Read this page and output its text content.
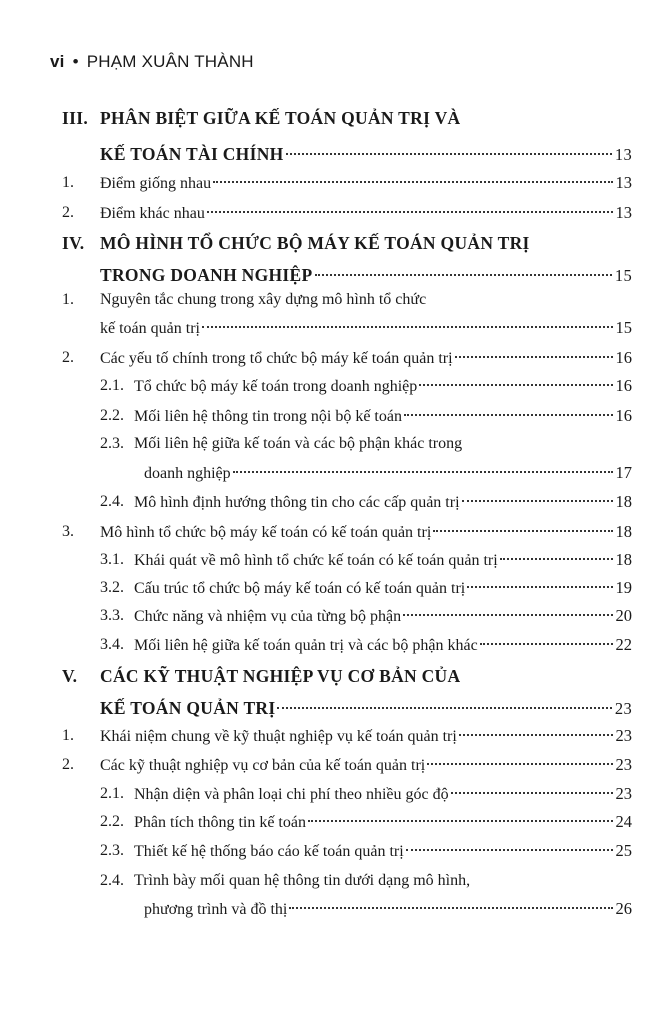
vi • PHẠM XUÂN THÀNH
III. PHÂN BIỆT GIỮA KẾ TOÁN QUẢN TRỊ VÀ
KẾ TOÁN TÀI CHÍNH	13
1. Điểm giống nhau	13
2. Điểm khác nhau	13
IV. MÔ HÌNH TỔ CHỨC BỘ MÁY KẾ TOÁN QUẢN TRỊ
TRONG DOANH NGHIỆP	15
1. Nguyên tắc chung trong xây dựng mô hình tổ chức
kế toán quản trị	15
2. Các yếu tố chính trong tổ chức bộ máy kế toán quản trị	16
2.1. Tổ chức bộ máy kế toán trong doanh nghiệp	16
2.2. Mối liên hệ thông tin trong nội bộ kế toán	16
2.3. Mối liên hệ giữa kế toán và các bộ phận khác trong
doanh nghiệp	17
2.4. Mô hình định hướng thông tin cho các cấp quản trị	18
3. Mô hình tổ chức bộ máy kế toán có kế toán quản trị	18
3.1. Khái quát về mô hình tổ chức kế toán có kế toán quản trị	18
3.2. Cấu trúc tổ chức bộ máy kế toán có kế toán quản trị	19
3.3. Chức năng và nhiệm vụ của từng bộ phận	20
3.4. Mối liên hệ giữa kế toán quản trị và các bộ phận khác	22
V. CÁC KỸ THUẬT NGHIỆP VỤ CƠ BẢN CỦA
KẾ TOÁN QUẢN TRỊ	23
1. Khái niệm chung về kỹ thuật nghiệp vụ kế toán quản trị	23
2. Các kỹ thuật nghiệp vụ cơ bản của kế toán quản trị	23
2.1. Nhận diện và phân loại chi phí theo nhiều góc độ	23
2.2. Phân tích thông tin kế toán	24
2.3. Thiết kế hệ thống báo cáo kế toán quản trị	25
2.4. Trình bày mối quan hệ thông tin dưới dạng mô hình,
phương trình và đồ thị	26
